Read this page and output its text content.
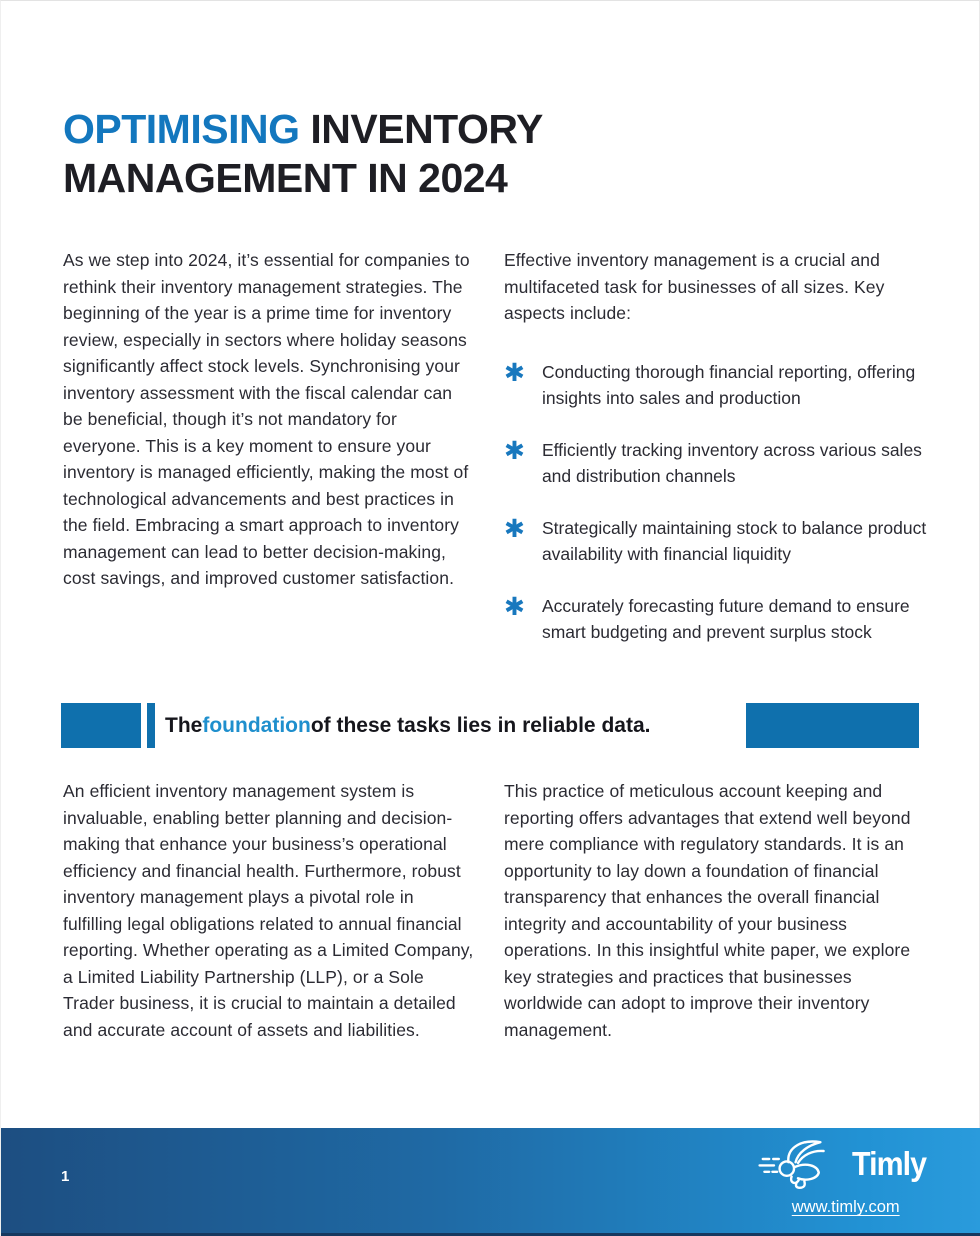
OPTIMISING INVENTORY MANAGEMENT IN 2024
As we step into 2024, it’s essential for companies to rethink their inventory management strategies. The beginning of the year is a prime time for inventory review, especially in sectors where holiday seasons significantly affect stock levels. Synchronising your inventory assessment with the fiscal calendar can be beneficial, though it’s not mandatory for everyone. This is a key moment to ensure your inventory is managed efficiently, making the most of technological advancements and best practices in the field. Embracing a smart approach to inventory management can lead to better decision-making, cost savings, and improved customer satisfaction.
Effective inventory management is a crucial and multifaceted task for businesses of all sizes. Key aspects include:
✱ Conducting thorough financial reporting, offering insights into sales and production
✱ Efficiently tracking inventory across various sales and distribution channels
✱ Strategically maintaining stock to balance product availability with financial liquidity
✱ Accurately forecasting future demand to ensure smart budgeting and prevent surplus stock
The foundation of these tasks lies in reliable data.
An efficient inventory management system is invaluable, enabling better planning and decision-making that enhance your business’s operational efficiency and financial health. Furthermore, robust inventory management plays a pivotal role in fulfilling legal obligations related to annual financial reporting. Whether operating as a Limited Company, a Limited Liability Partnership (LLP), or a Sole Trader business, it is crucial to maintain a detailed and accurate account of assets and liabilities.
This practice of meticulous account keeping and reporting offers advantages that extend well beyond mere compliance with regulatory standards. It is an opportunity to lay down a foundation of financial transparency that enhances the overall financial integrity and accountability of your business operations. In this insightful white paper, we explore key strategies and practices that businesses worldwide can adopt to improve their inventory management.
1	Timly
www.timly.com
